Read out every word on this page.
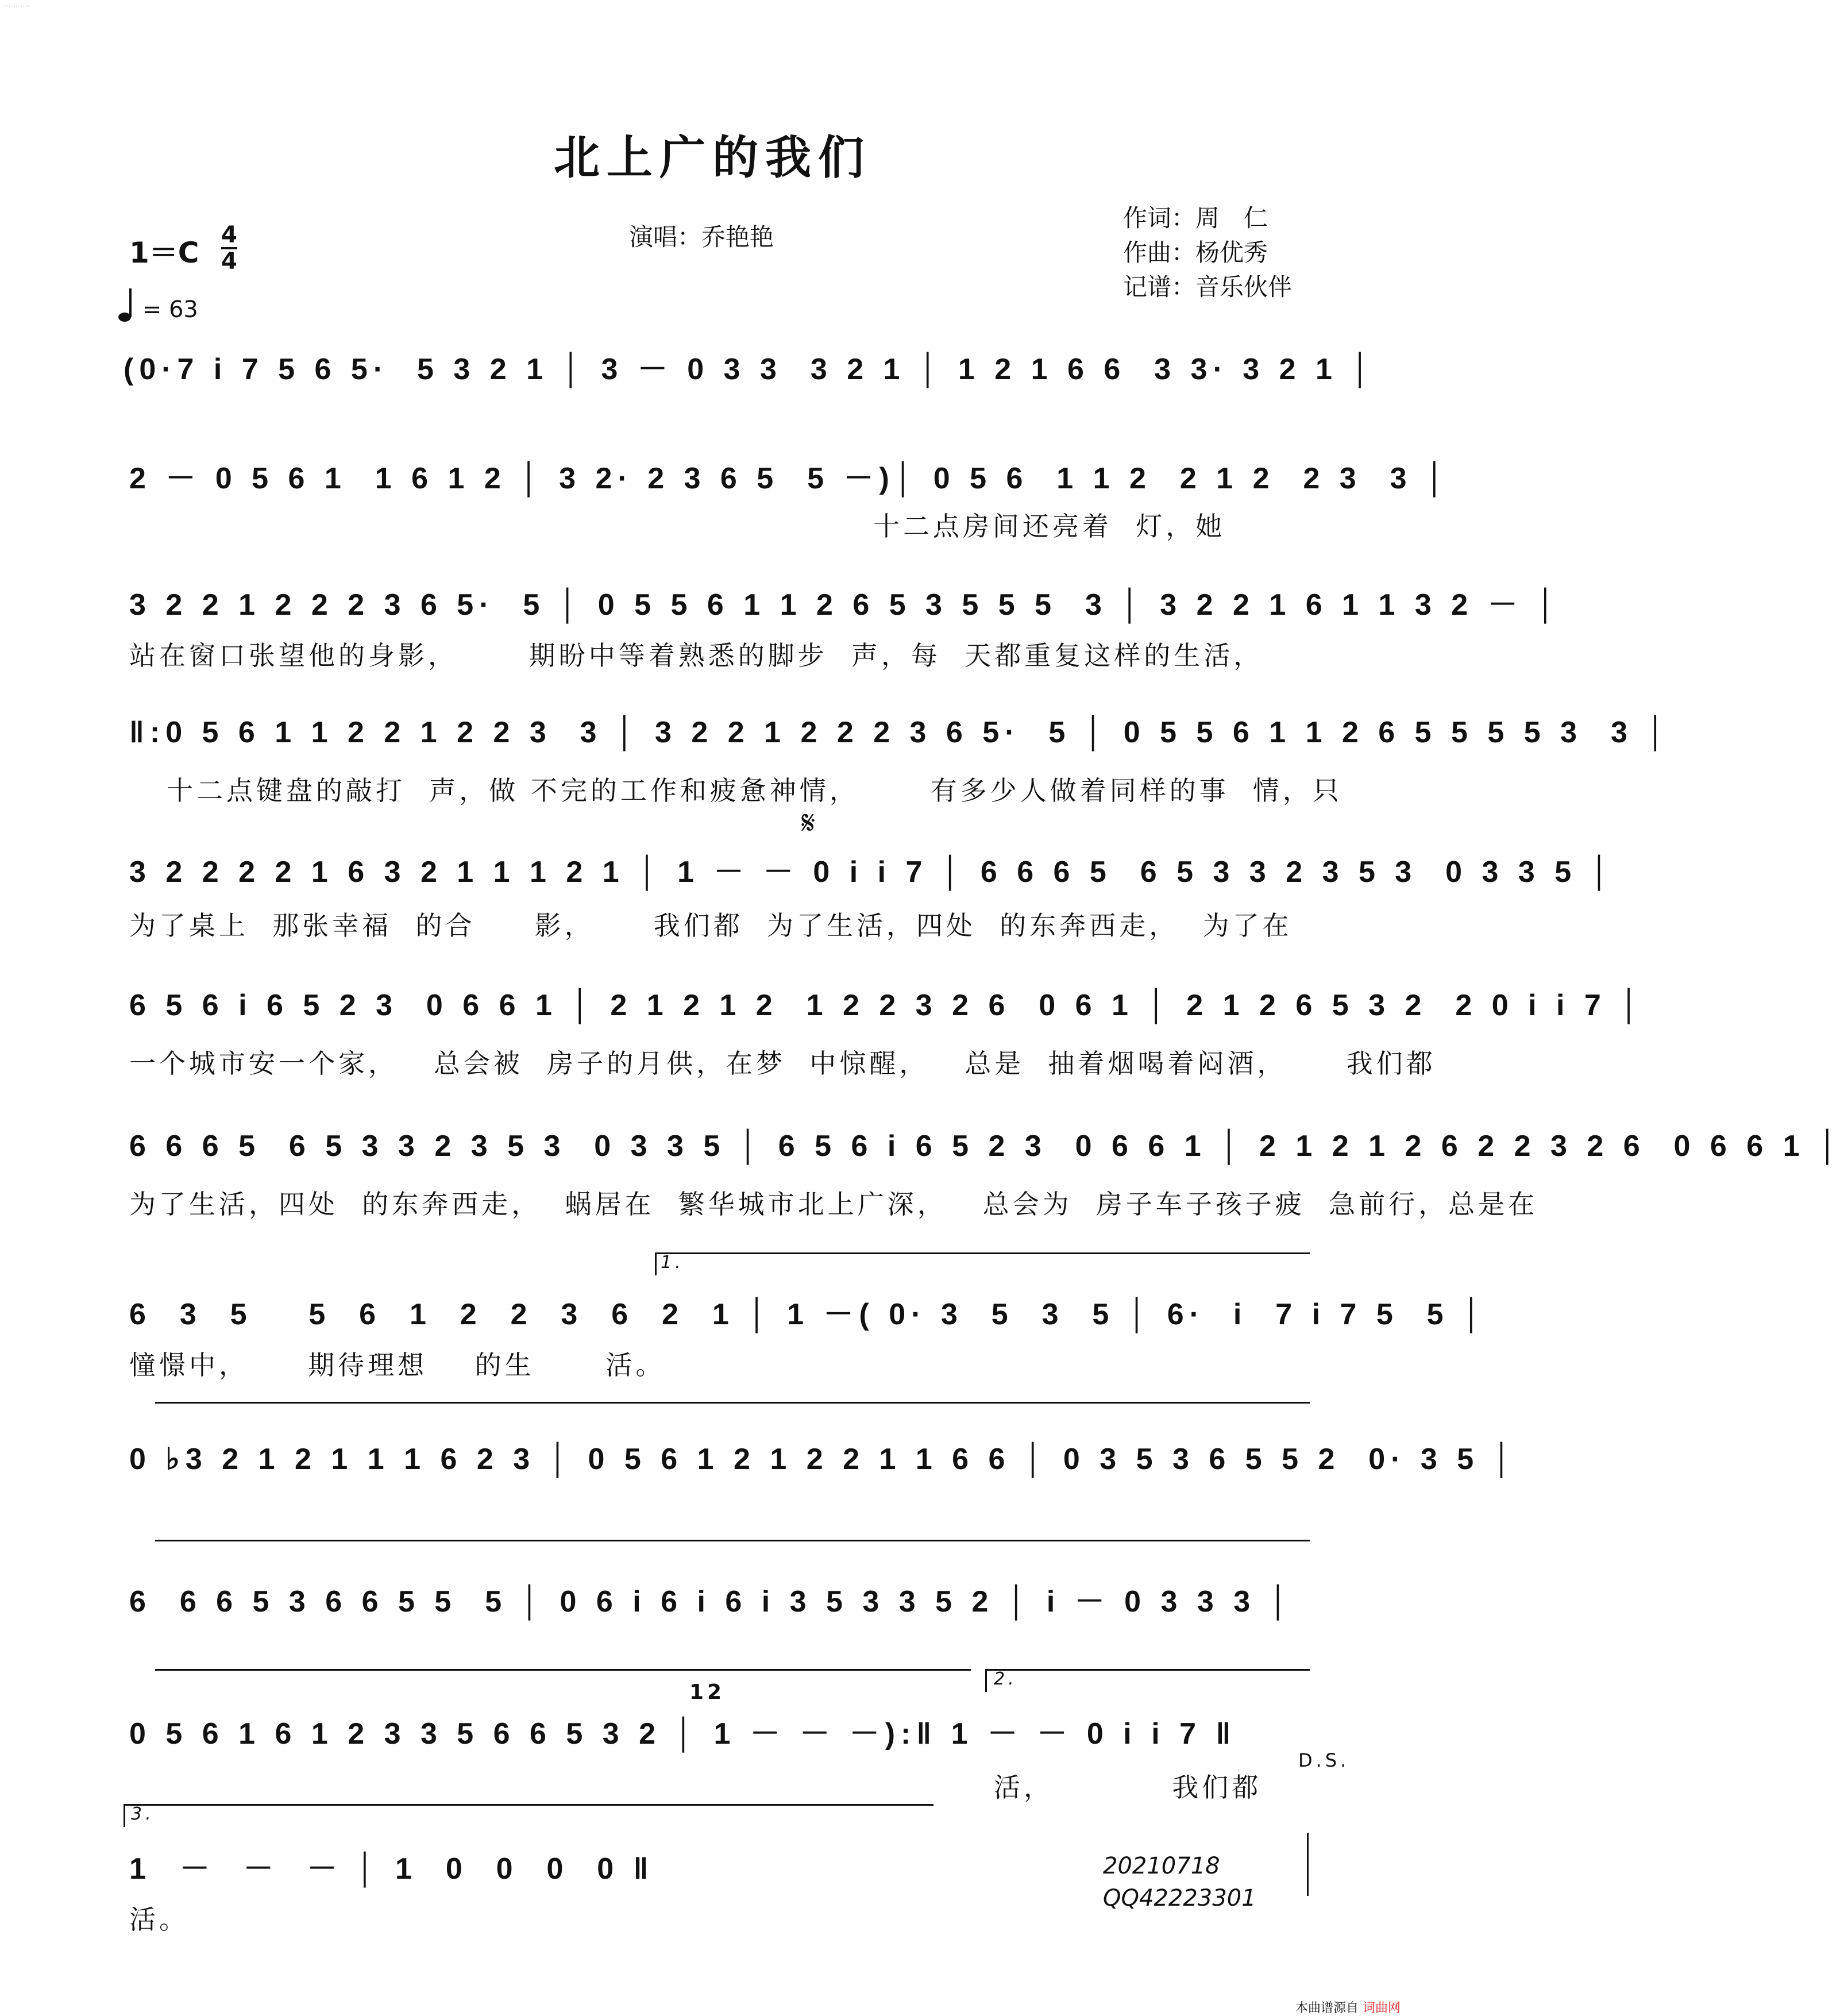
……………
北上广的我们
演唱：乔艳艳
1＝C
4
4
= 63
作词：周　仁
作曲：杨优秀
记谱：音乐伙伴
(0·7 i 7 5 6 5·  5 3 2 1 │ 3 － 0 3 3  3 2 1 │ 1 2 1 6 6  3 3· 3 2 1 │
2 － 0 5 6 1  1 6 1 2 │ 3 2· 2 3 6 5  5 －)│ 0 5 6  1 1 2  2 1 2  2 3  3 │
十二点房间还亮着  灯，她
3 2 2 1 2 2 2 3 6 5·  5 │ 0 5 5 6 1 1 2 6 5 3 5 5 5  3 │ 3 2 2 1 6 1 1 3 2 － │
站在窗口张望他的身影，      期盼中等着熟悉的脚步  声，每  天都重复这样的生活，
‖:0 5 6 1 1 2 2 1 2 2 3  3 │ 3 2 2 1 2 2 2 3 6 5·  5 │ 0 5 5 6 1 1 2 6 5 5 5 5 3  3 │
十二点键盘的敲打  声，做 不完的工作和疲惫神情，      有多少人做着同样的事  情，只
𝄋
3 2 2 2 2 1 6 3 2 1 1 1 2 1 │ 1 － － 0 i i 7 │ 6 6 6 5  6 5 3 3 2 3 5 3  0 3 3 5 │
为了桌上  那张幸福  的合     影，     我们都  为了生活，四处  的东奔西走，  为了在
6 5 6 i 6 5 2 3  0 6 6 1 │ 2 1 2 1 2  1 2 2 3 2 6  0 6 1 │ 2 1 2 6 5 3 2  2 0 i i 7 │
一个城市安一个家，   总会被  房子的月供，在梦  中惊醒，   总是  抽着烟喝着闷酒，     我们都
6 6 6 5  6 5 3 3 2 3 5 3  0 3 3 5 │ 6 5 6 i 6 5 2 3  0 6 6 1 │ 2 1 2 1 2 6 2 2 3 2 6  0 6 6 1 │
为了生活，四处  的东奔西走，  蜗居在  繁华城市北上广深，   总会为  房子车子孩子疲  急前行，总是在
1.
6  3  5    5  6  1  2  2  3  6  2  1 │ 1 －( 0· 3  5  3  5 │ 6·  i  7 i 7 5  5 │
憧憬中，     期待理想    的生      活。
0 ♭3 2 1 2 1 1 1 6 2 3 │ 0 5 6 1 2 1 2 2 1 1 6 6 │ 0 3 5 3 6 5 5 2  0· 3 5 │
6  6 6 5 3 6 6 5 5  5 │ 0 6 i 6 i 6 i 3 5 3 3 5 2 │ i － 0 3 3 3 │
2.
12
0 5 6 1 6 1 2 3 3 5 6 6 5 3 2 │ 1 － － －):‖ 1 － － 0 i i 7 ‖
活，          我们都
D.S.
3.
1  －  －  － │ 1  0  0  0  0 ‖
活。
20210718
QQ42223301
本曲谱源自 词曲网
